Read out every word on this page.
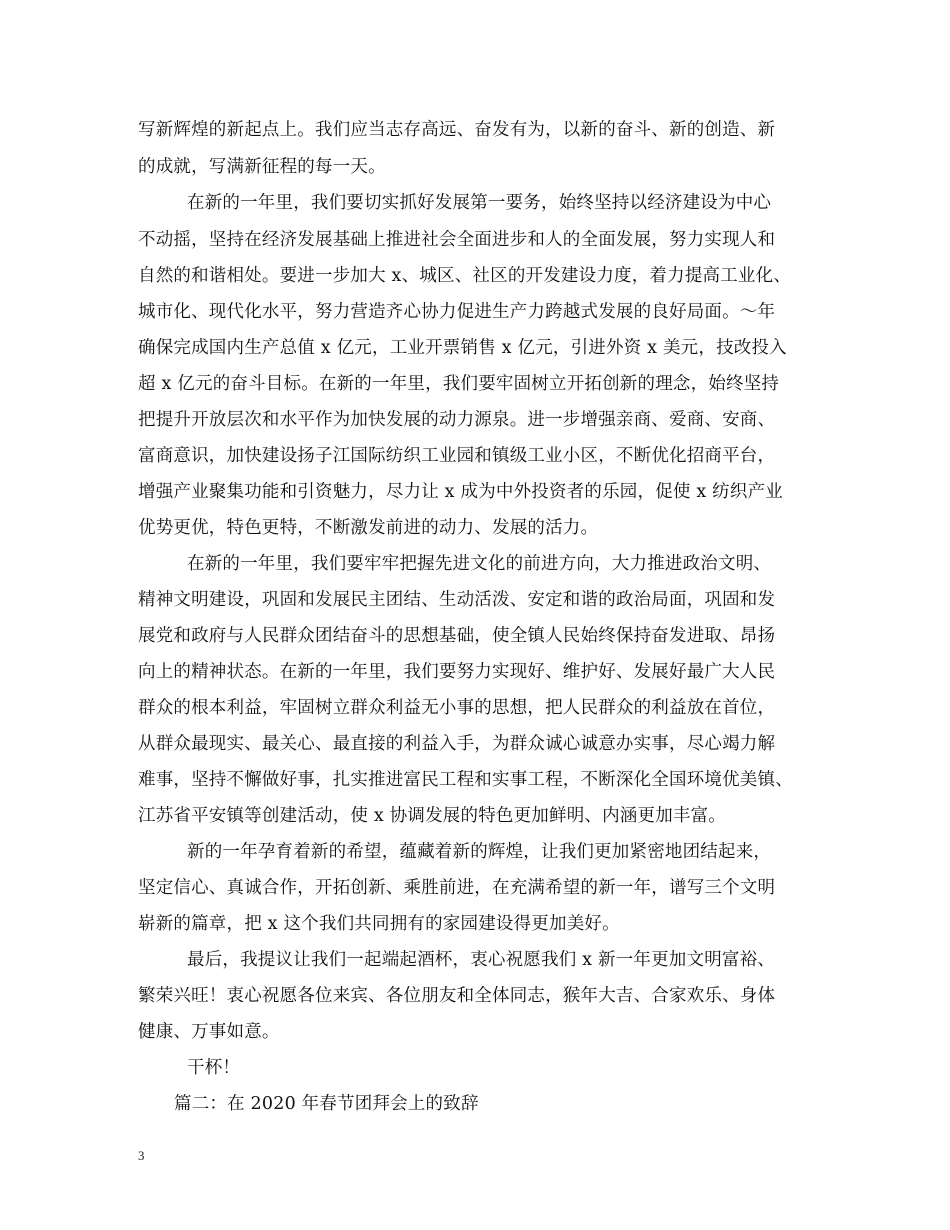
写新辉煌的新起点上。我们应当志存高远、奋发有为，以新的奋斗、新的创造、新
的成就，写满新征程的每一天。
在新的一年里，我们要切实抓好发展第一要务，始终坚持以经济建设为中心
不动摇，坚持在经济发展基础上推进社会全面进步和人的全面发展，努力实现人和
自然的和谐相处。要进一步加大 x、城区、社区的开发建设力度，着力提高工业化、
城市化、现代化水平，努力营造齐心协力促进生产力跨越式发展的良好局面。～年
确保完成国内生产总值 x 亿元，工业开票销售 x 亿元，引进外资 x 美元，技改投入
超 x 亿元的奋斗目标。在新的一年里，我们要牢固树立开拓创新的理念，始终坚持
把提升开放层次和水平作为加快发展的动力源泉。进一步增强亲商、爱商、安商、
富商意识，加快建设扬子江国际纺织工业园和镇级工业小区，不断优化招商平台，
增强产业聚集功能和引资魅力，尽力让 x 成为中外投资者的乐园，促使 x 纺织产业
优势更优，特色更特，不断激发前进的动力、发展的活力。
在新的一年里，我们要牢牢把握先进文化的前进方向，大力推进政治文明、
精神文明建设，巩固和发展民主团结、生动活泼、安定和谐的政治局面，巩固和发
展党和政府与人民群众团结奋斗的思想基础，使全镇人民始终保持奋发进取、昂扬
向上的精神状态。在新的一年里，我们要努力实现好、维护好、发展好最广大人民
群众的根本利益，牢固树立群众利益无小事的思想，把人民群众的利益放在首位，
从群众最现实、最关心、最直接的利益入手，为群众诚心诚意办实事，尽心竭力解
难事，坚持不懈做好事，扎实推进富民工程和实事工程，不断深化全国环境优美镇、
江苏省平安镇等创建活动，使 x 协调发展的特色更加鲜明、内涵更加丰富。
新的一年孕育着新的希望，蕴藏着新的辉煌，让我们更加紧密地团结起来，
坚定信心、真诚合作，开拓创新、乘胜前进，在充满希望的新一年，谱写三个文明
崭新的篇章，把 x 这个我们共同拥有的家园建设得更加美好。
最后，我提议让我们一起端起酒杯，衷心祝愿我们 x 新一年更加文明富裕、
繁荣兴旺！衷心祝愿各位来宾、各位朋友和全体同志，猴年大吉、合家欢乐、身体
健康、万事如意。
干杯！
篇二：在 2020 年春节团拜会上的致辞
3
